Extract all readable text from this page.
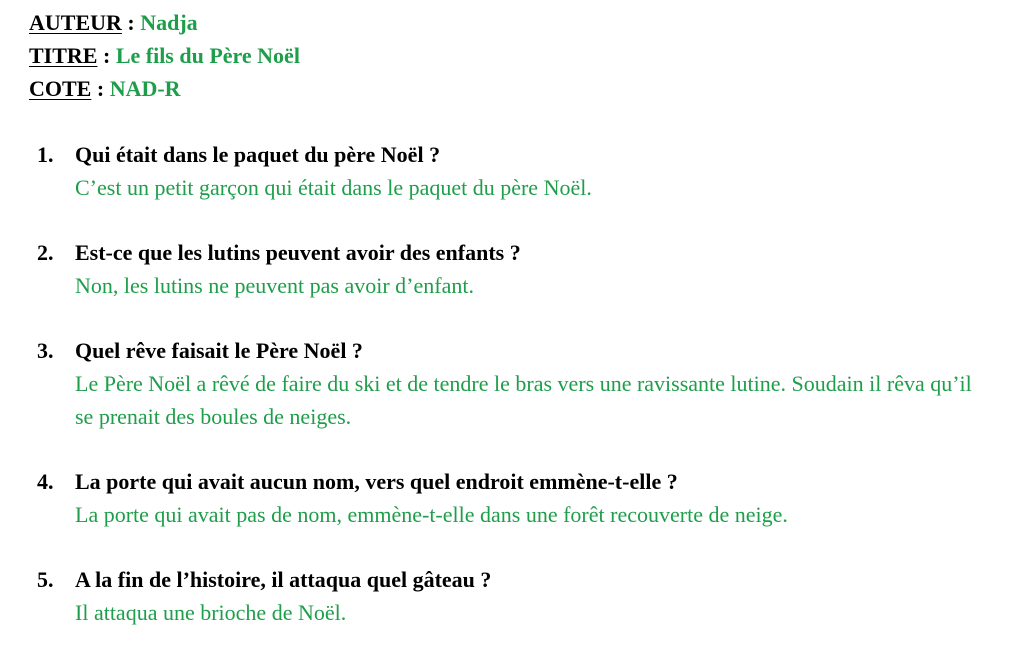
AUTEUR : Nadja
TITRE : Le fils du Père Noël
COTE : NAD-R
1. Qui était dans le paquet du père Noël ?
C’est un petit garçon qui était dans le paquet du père Noël.
2. Est-ce que les lutins peuvent avoir des enfants ?
Non, les lutins ne peuvent pas avoir d’enfant.
3. Quel rêve faisait le Père Noël ?
Le Père Noël a rêvé de faire du ski et de tendre le bras vers une ravissante lutine. Soudain il rêva qu’il se prenait des boules de neiges.
4. La porte qui avait aucun nom, vers quel endroit emmène-t-elle ?
La porte qui avait pas de nom, emmène-t-elle dans une forêt recouverte de neige.
5. A la fin de l’histoire, il attaqua quel gâteau ?
Il attaqua une brioche de Noël.
